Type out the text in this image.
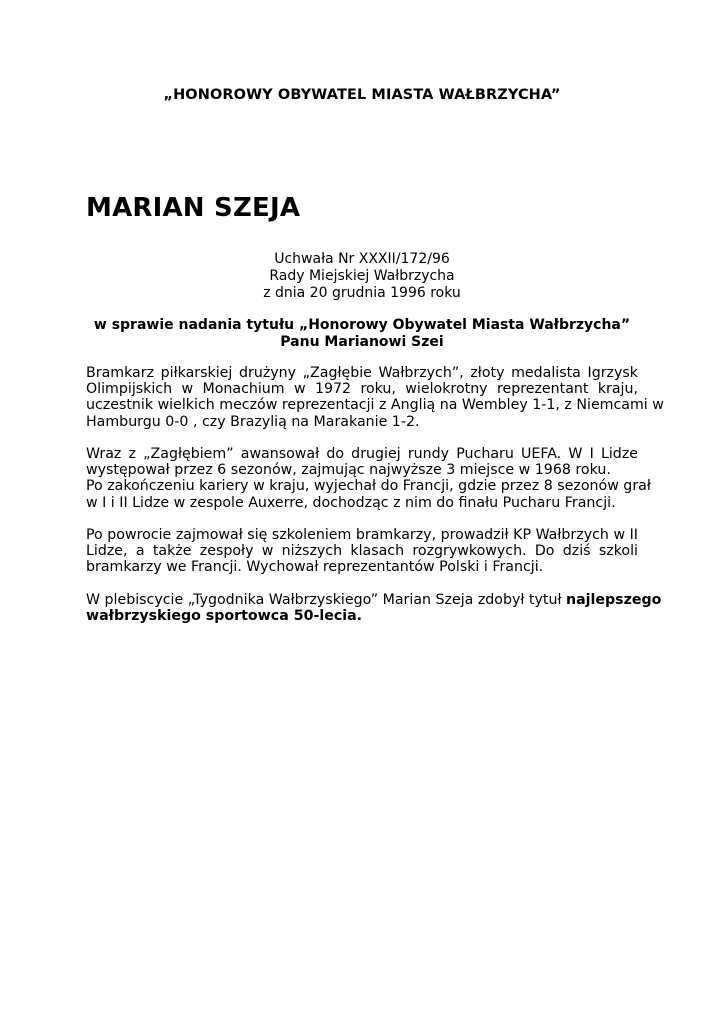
„HONOROWY OBYWATEL MIASTA WAŁBRZYCHA”
MARIAN SZEJA
Uchwała Nr XXXII/172/96
Rady Miejskiej Wałbrzycha
z dnia 20 grudnia 1996 roku
w sprawie nadania tytułu „Honorowy Obywatel Miasta Wałbrzycha”
Panu Marianowi Szei
Bramkarz piłkarskiej drużyny „Zagłębie Wałbrzych”, złoty medalista Igrzysk
Olimpijskich w Monachium w 1972 roku, wielokrotny reprezentant kraju,
uczestnik wielkich meczów reprezentacji z Anglią na Wembley 1-1, z Niemcami w
Hamburgu 0-0 , czy Brazylią na Marakanie 1-2.
Wraz z „Zagłębiem” awansował do drugiej rundy Pucharu UEFA. W I Lidze
występował przez 6 sezonów, zajmując najwyższe 3 miejsce w 1968 roku.
Po zakończeniu kariery w kraju, wyjechał do Francji, gdzie przez 8 sezonów grał
w I i II Lidze w zespole Auxerre, dochodząc z nim do finału Pucharu Francji.
Po powrocie zajmował się szkoleniem bramkarzy, prowadził KP Wałbrzych w II
Lidze, a także zespoły w niższych klasach rozgrywkowych. Do dziś szkoli
bramkarzy we Francji. Wychował reprezentantów Polski i Francji.
W plebiscycie „Tygodnika Wałbrzyskiego” Marian Szeja zdobył tytuł najlepszego
wałbrzyskiego sportowca 50-lecia.
